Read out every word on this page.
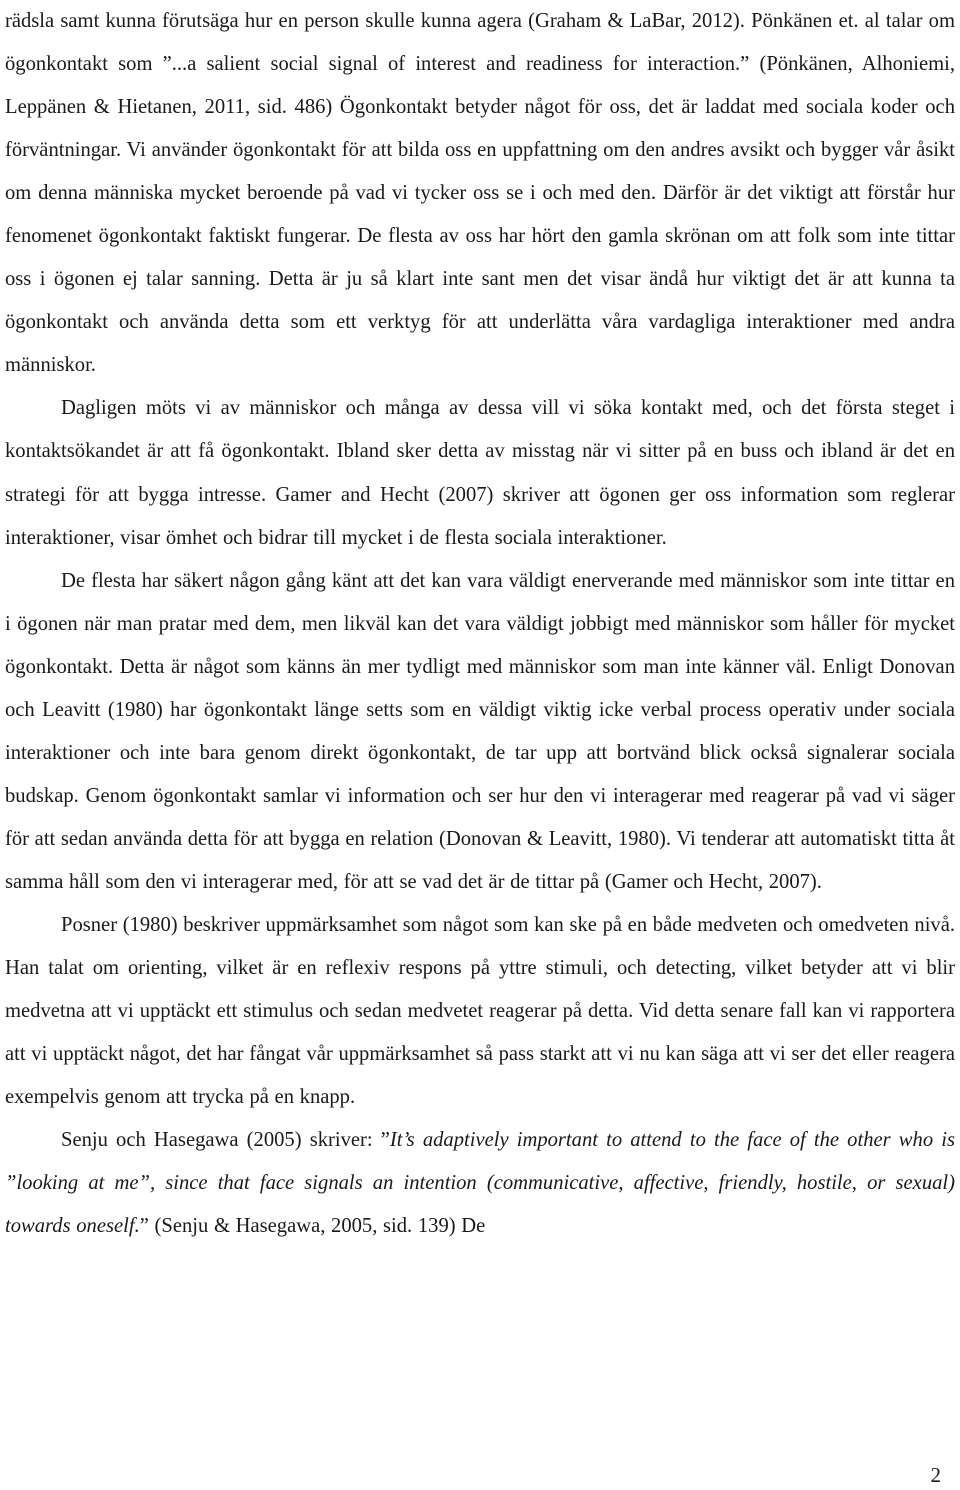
rädsla samt kunna förutsäga hur en person skulle kunna agera (Graham & LaBar, 2012). Pönkänen et. al talar om ögonkontakt som ”...a salient social signal of interest and readiness for interaction.” (Pönkänen, Alhoniemi, Leppänen & Hietanen, 2011, sid. 486) Ögonkontakt betyder något för oss, det är laddat med sociala koder och förväntningar. Vi använder ögonkontakt för att bilda oss en uppfattning om den andres avsikt och bygger vår åsikt om denna människa mycket beroende på vad vi tycker oss se i och med den. Därför är det viktigt att förstår hur fenomenet ögonkontakt faktiskt fungerar. De flesta av oss har hört den gamla skrönan om att folk som inte tittar oss i ögonen ej talar sanning. Detta är ju så klart inte sant men det visar ändå hur viktigt det är att kunna ta ögonkontakt och använda detta som ett verktyg för att underlätta våra vardagliga interaktioner med andra människor.

Dagligen möts vi av människor och många av dessa vill vi söka kontakt med, och det första steget i kontaktsökandet är att få ögonkontakt. Ibland sker detta av misstag när vi sitter på en buss och ibland är det en strategi för att bygga intresse. Gamer and Hecht (2007) skriver att ögonen ger oss information som reglerar interaktioner, visar ömhet och bidrar till mycket i de flesta sociala interaktioner.

De flesta har säkert någon gång känt att det kan vara väldigt enerverande med människor som inte tittar en i ögonen när man pratar med dem, men likväl kan det vara väldigt jobbigt med människor som håller för mycket ögonkontakt. Detta är något som känns än mer tydligt med människor som man inte känner väl. Enligt Donovan och Leavitt (1980) har ögonkontakt länge setts som en väldigt viktig icke verbal process operativ under sociala interaktioner och inte bara genom direkt ögonkontakt, de tar upp att bortvänd blick också signalerar sociala budskap. Genom ögonkontakt samlar vi information och ser hur den vi interagerar med reagerar på vad vi säger för att sedan använda detta för att bygga en relation (Donovan & Leavitt, 1980). Vi tenderar att automatiskt titta åt samma håll som den vi interagerar med, för att se vad det är de tittar på (Gamer och Hecht, 2007).

Posner (1980) beskriver uppmärksamhet som något som kan ske på en både medveten och omedveten nivå. Han talat om orienting, vilket är en reflexiv respons på yttre stimuli, och detecting, vilket betyder att vi blir medvetna att vi upptäckt ett stimulus och sedan medvetet reagerar på detta. Vid detta senare fall kan vi rapportera att vi upptäckt något, det har fångat vår uppmärksamhet så pass starkt att vi nu kan säga att vi ser det eller reagera exempelvis genom att trycka på en knapp.

Senju och Hasegawa (2005) skriver: ”It’s adaptively important to attend to the face of the other who is ”looking at me”, since that face signals an intention (communicative, affective, friendly, hostile, or sexual) towards oneself.” (Senju & Hasegawa, 2005, sid. 139) De

2
